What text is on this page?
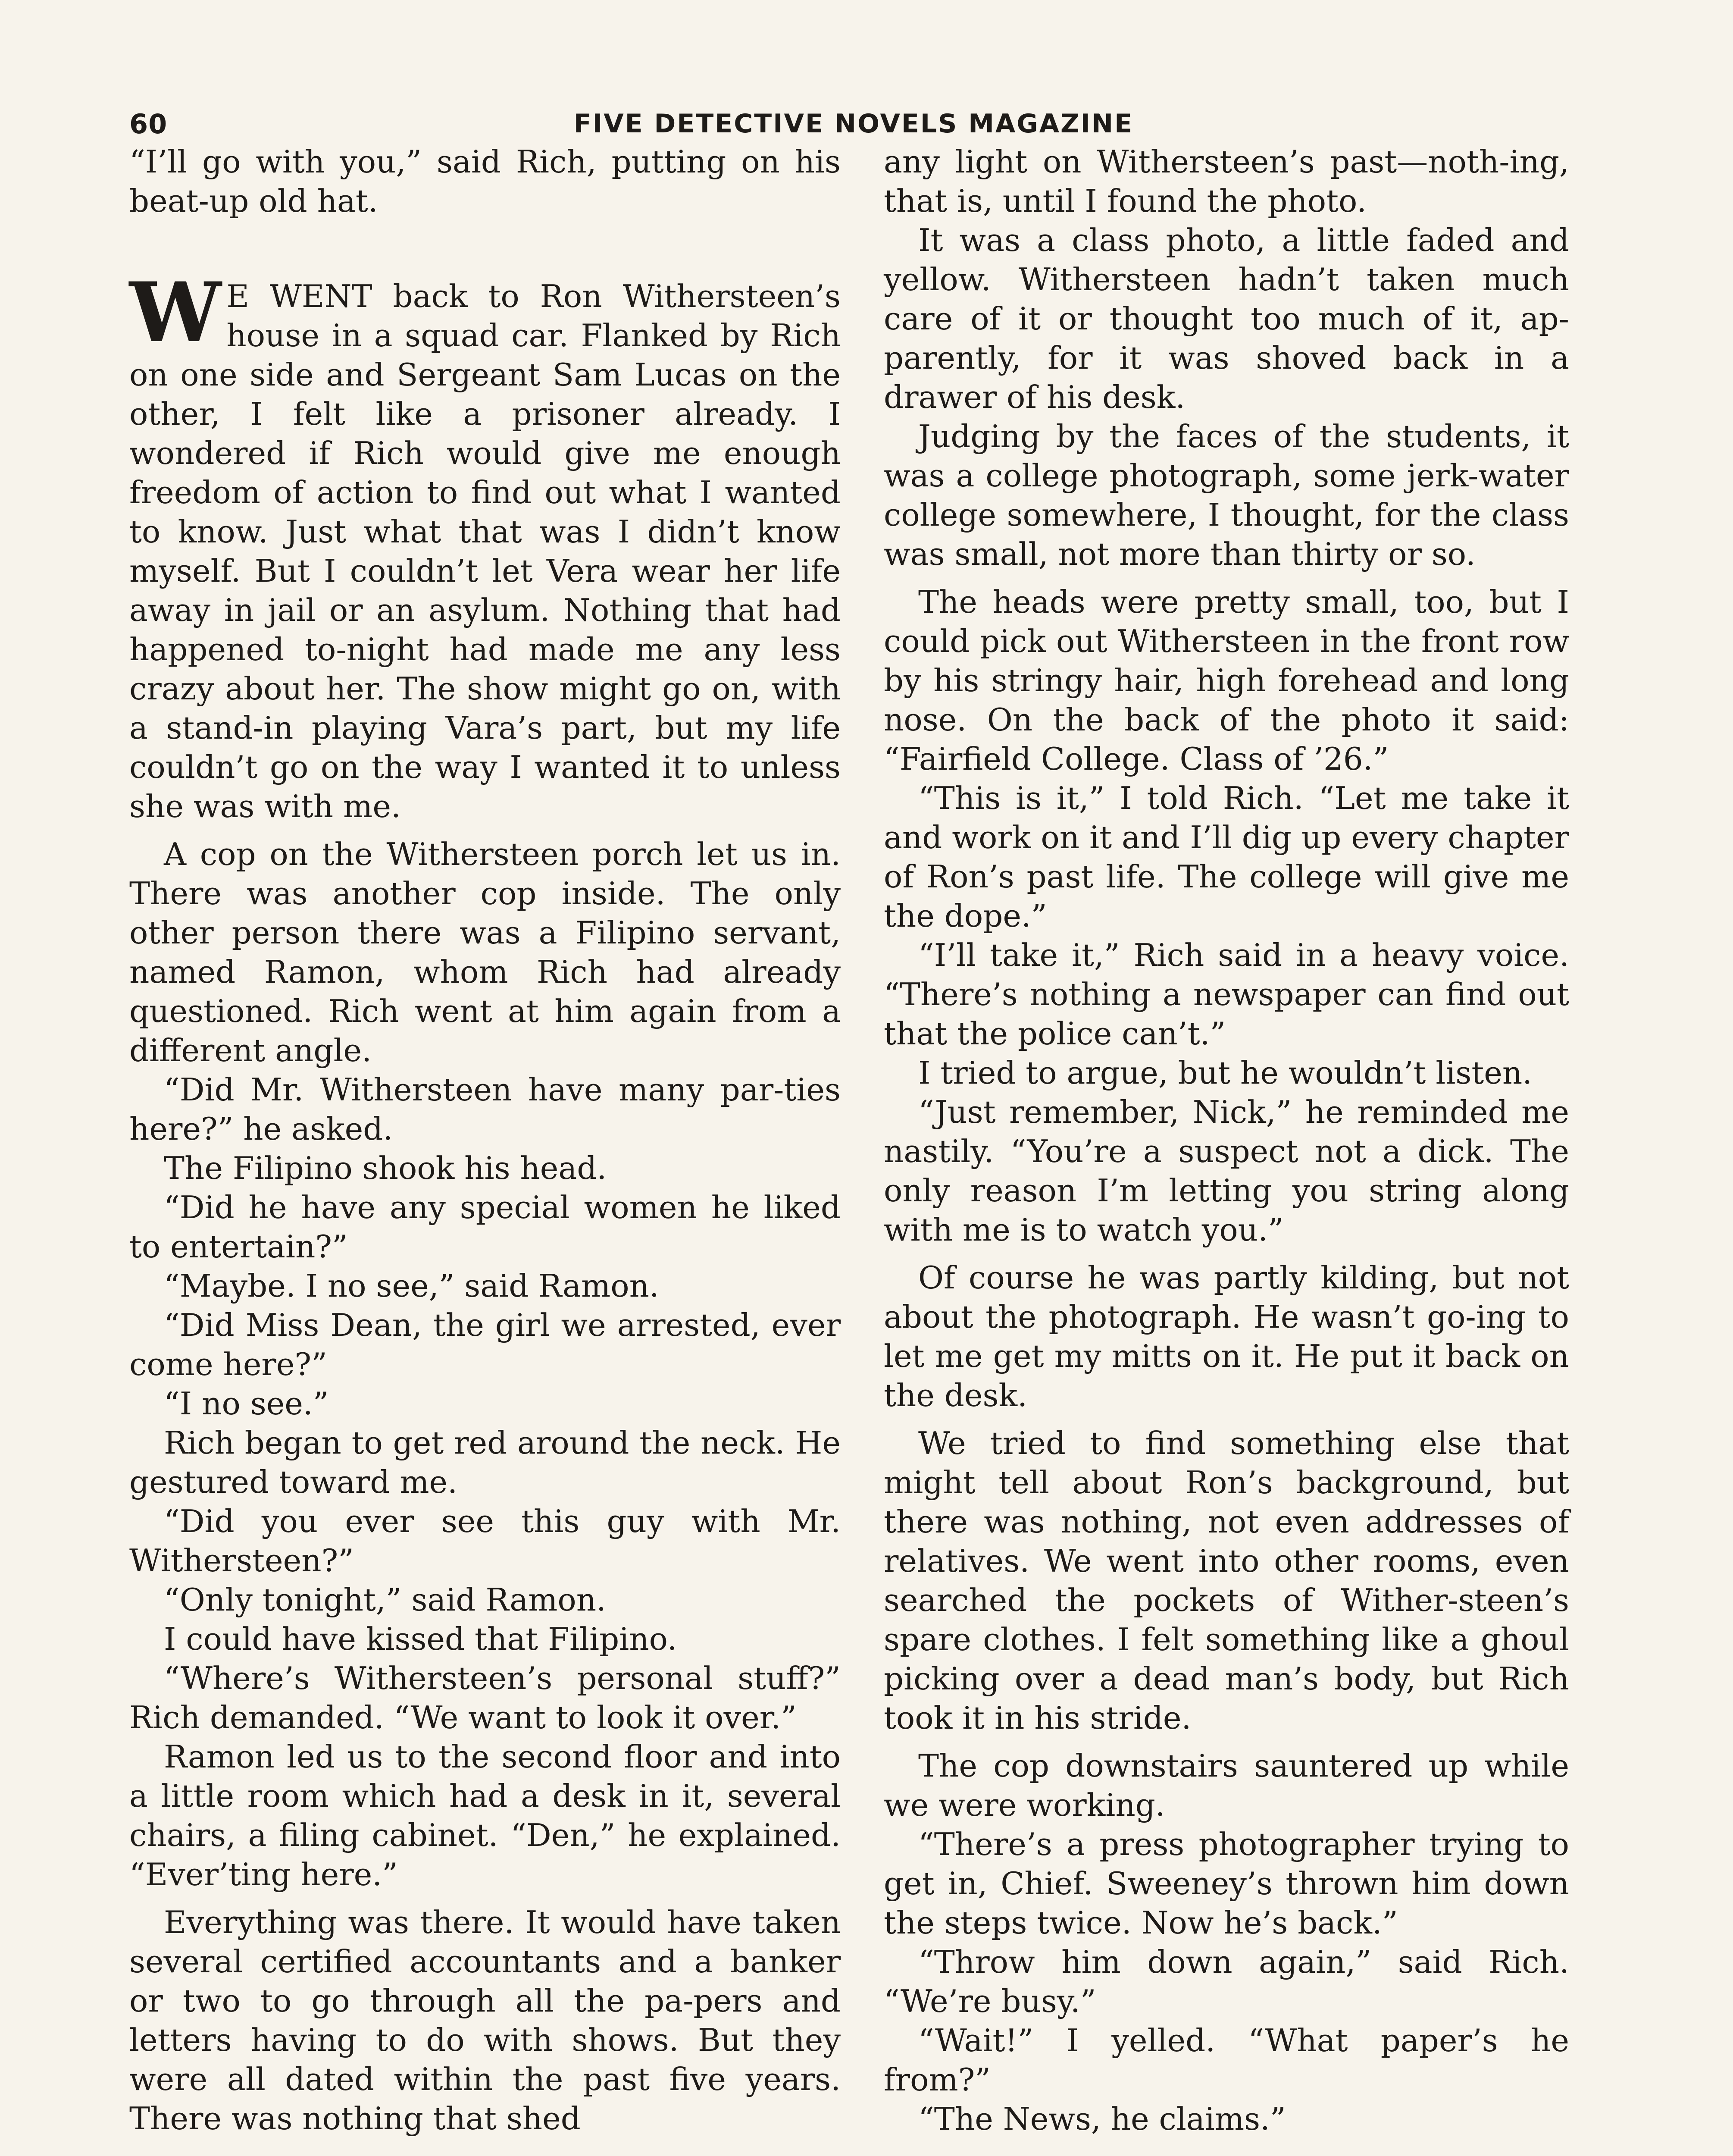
60	FIVE DETECTIVE NOVELS MAGAZINE

“I’ll go with you,” said Rich, putting on his beat-up old hat.

W E WENT back to Ron Withersteen’s house in a squad car. Flanked by Rich on one side and Sergeant Sam Lucas on the other, I felt like a prisoner already. I wondered if Rich would give me enough freedom of action to find out what I wanted to know. Just what that was I didn’t know myself. But I couldn’t let Vera wear her life away in jail or an asylum. Nothing that had happened to-night had made me any less crazy about her. The show might go on, with a stand-in playing Vara’s part, but my life couldn’t go on the way I wanted it to unless she was with me.

A cop on the Withersteen porch let us in. There was another cop inside. The only other person there was a Filipino servant, named Ramon, whom Rich had already questioned. Rich went at him again from a different angle.

“Did Mr. Withersteen have many par-ties here?” he asked.

The Filipino shook his head.

“Did he have any special women he liked to entertain?”

“Maybe. I no see,” said Ramon.

“Did Miss Dean, the girl we arrested, ever come here?”

“I no see.”

Rich began to get red around the neck. He gestured toward me.

“Did you ever see this guy with Mr. Withersteen?”

“Only tonight,” said Ramon.

I could have kissed that Filipino.

“Where’s Withersteen’s personal stuff?” Rich demanded. “We want to look it over.”

Ramon led us to the second floor and into a little room which had a desk in it, several chairs, a filing cabinet. “Den,” he explained. “Ever’ting here.”

Everything was there. It would have taken several certified accountants and a banker or two to go through all the pa-pers and letters having to do with shows. But they were all dated within the past five years. There was nothing that shed

any light on Withersteen’s past—noth-ing, that is, until I found the photo.

It was a class photo, a little faded and yellow. Withersteen hadn’t taken much care of it or thought too much of it, ap-parently, for it was shoved back in a drawer of his desk.

Judging by the faces of the students, it was a college photograph, some jerk-water college somewhere, I thought, for the class was small, not more than thirty or so.

The heads were pretty small, too, but I could pick out Withersteen in the front row by his stringy hair, high forehead and long nose. On the back of the photo it said: “Fairfield College. Class of ’26.”

“This is it,” I told Rich. “Let me take it and work on it and I’ll dig up every chapter of Ron’s past life. The college will give me the dope.”

“I’ll take it,” Rich said in a heavy voice. “There’s nothing a newspaper can find out that the police can’t.”

I tried to argue, but he wouldn’t listen.

“Just remember, Nick,” he reminded me nastily. “You’re a suspect not a dick. The only reason I’m letting you string along with me is to watch you.”

Of course he was partly kilding, but not about the photograph. He wasn’t go-ing to let me get my mitts on it. He put it back on the desk.

We tried to find something else that might tell about Ron’s background, but there was nothing, not even addresses of relatives. We went into other rooms, even searched the pockets of Wither-steen’s spare clothes. I felt something like a ghoul picking over a dead man’s body, but Rich took it in his stride.

The cop downstairs sauntered up while we were working.

“There’s a press photographer trying to get in, Chief. Sweeney’s thrown him down the steps twice. Now he’s back.”

“Throw him down again,” said Rich. “We’re busy.”

“Wait!” I yelled. “What paper’s he from?”

“The News, he claims.”
